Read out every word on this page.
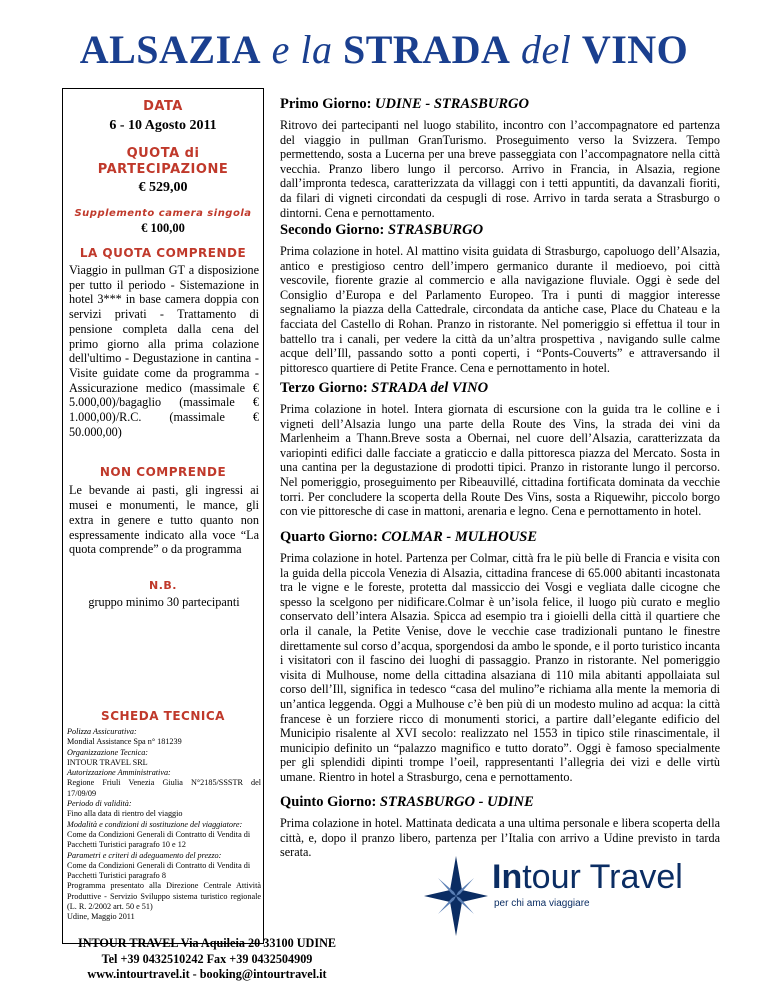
ALSAZIA e la STRADA del VINO
DATA
6 - 10 Agosto 2011
QUOTA di
PARTECIPAZIONE
€ 529,00
Supplemento camera singola
€ 100,00
LA QUOTA COMPRENDE
Viaggio in pullman GT a disposizione per tutto il periodo - Sistemazione in hotel 3*** in base camera doppia con servizi privati - Trattamento di pensione completa dalla cena del primo giorno alla prima colazione dell'ultimo - Degustazione in cantina - Visite guidate come da programma - Assicurazione medico (massimale € 5.000,00)/bagaglio (massimale € 1.000,00)/R.C. (massimale € 50.000,00)
NON COMPRENDE
Le bevande ai pasti, gli ingressi ai musei e monumenti, le mance, gli extra in genere e tutto quanto non espressamente indicato alla voce “La quota comprende” o da programma
N.B.
gruppo minimo 30 partecipanti
SCHEDA TECNICA

Polizza Assicurativa:

Mondial Assistance Spa n° 181239

Organizzazione Tecnica:

INTOUR TRAVEL SRL

Autorizzazione Amministrativa:

Regione Friuli Venezia Giulia N°2185/SSSTR del 17/09/09

Periodo di validità:

Fino alla data di rientro del viaggio

Modalità e condizioni di sostituzione del viaggiatore:

Come da Condizioni Generali di Contratto di Vendita di Pacchetti Turistici paragrafo 10 e 12

Parametri e criteri di adeguamento del prezzo:

Come da Condizioni Generali di Contratto di Vendita di Pacchetti Turistici paragrafo 8

Programma presentato alla Direzione Centrale Attività Produttive - Servizio Sviluppo sistema turistico regionale (L. R. 2/2002 art. 50 e 51)

Udine, Maggio 2011

Primo Giorno: UDINE - STRASBURGO

Ritrovo dei partecipanti nel luogo stabilito, incontro con l’accompagnatore ed partenza del viaggio in pullman GranTurismo. Proseguimento verso la Svizzera. Tempo permettendo, sosta a Lucerna per una breve passeggiata con l’accompagnatore nella città vecchia. Pranzo libero lungo il percorso. Arrivo in Francia, in Alsazia, regione dall’impronta tedesca, caratterizzata da villaggi con i tetti appuntiti, da davanzali fioriti, da filari di vigneti circondati da cespugli di rose. Arrivo in tarda serata a Strasburgo o dintorni. Cena e pernottamento.

Secondo Giorno: STRASBURGO

Prima colazione in hotel. Al mattino visita guidata di Strasburgo, capoluogo dell’Alsazia, antico e prestigioso centro dell’impero germanico durante il medioevo, poi città vescovile, fiorente grazie al commercio e alla navigazione fluviale. Oggi è sede del Consiglio d’Europa e del Parlamento Europeo. Tra i punti di maggior interesse segnaliamo la piazza della Cattedrale, circondata da antiche case, Place du Chateau e la facciata del Castello di Rohan. Pranzo in ristorante. Nel pomeriggio si effettua il tour in battello tra i canali, per vedere la città da un’altra prospettiva , navigando sulle calme acque dell’Ill, passando sotto a ponti coperti, i “Ponts-Couverts” e attraversando il pittoresco quartiere di Petite France. Cena e pernottamento in hotel.

Terzo Giorno: STRADA del VINO

Prima colazione in hotel. Intera giornata di escursione con la guida tra le colline e i vigneti dell’Alsazia lungo una parte della Route des Vins, la strada dei vini da Marlenheim a Thann.Breve sosta a Obernai, nel cuore dell’Alsazia, caratterizzata da variopinti edifici dalle facciate a graticcio e dalla pittoresca piazza del Mercato. Sosta in una cantina per la degustazione di prodotti tipici. Pranzo in ristorante lungo il percorso. Nel pomeriggio, proseguimento per Ribeauvillé, cittadina fortificata dominata da vecchie torri. Per concludere la scoperta della Route Des Vins, sosta a Riquewihr, piccolo borgo con vie pittoresche di case in mattoni, arenaria e legno. Cena e pernottamento in hotel.

Quarto Giorno: COLMAR - MULHOUSE

Prima colazione in hotel. Partenza per Colmar, città fra le più belle di Francia e visita con la guida della piccola Venezia di Alsazia, cittadina francese di 65.000 abitanti incastonata tra le vigne e le foreste, protetta dal massiccio dei Vosgi e vegliata dalle cicogne che spesso la scelgono per nidificare.Colmar è un’isola felice, il luogo più curato e meglio conservato dell’intera Alsazia. Spicca ad esempio tra i gioielli della città il quartiere che orla il canale, la Petite Venise, dove le vecchie case tradizionali puntano le finestre direttamente sul corso d’acqua, sporgendosi da ambo le sponde, e il porto turistico incanta i visitatori con il fascino dei luoghi di passaggio. Pranzo in ristorante. Nel pomeriggio visita di Mulhouse, nome della cittadina alsaziana di 110 mila abitanti appollaiata sul corso dell’Ill, significa in tedesco “casa del mulino”e richiama alla mente la memoria di un’antica leggenda. Oggi a Mulhouse c’è ben più di un modesto mulino ad acqua: la città francese è un forziere ricco di monumenti storici, a partire dall’elegante edificio del Municipio risalente al XVI secolo: realizzato nel 1553 in tipico stile rinascimentale, il municipio definito un “palazzo magnifico e tutto dorato”. Oggi è famoso specialmente per gli splendidi dipinti trompe l’oeil, rappresentanti l’allegria dei vizi e delle virtù umane. Rientro in hotel a Strasburgo, cena e pernottamento.

Quinto Giorno: STRASBURGO - UDINE

Prima colazione in hotel. Mattinata dedicata a una ultima personale e libera scoperta della città, e, dopo il pranzo libero, partenza per l’Italia con arrivo a Udine previsto in tarda serata.

INTOUR TRAVEL Via Aquileia 20 33100 UDINE
Tel +39 0432510242 Fax +39 0432504909
www.intourtravel.it - booking@intourtravel.it
Intour Travel
per chi ama viaggiare
